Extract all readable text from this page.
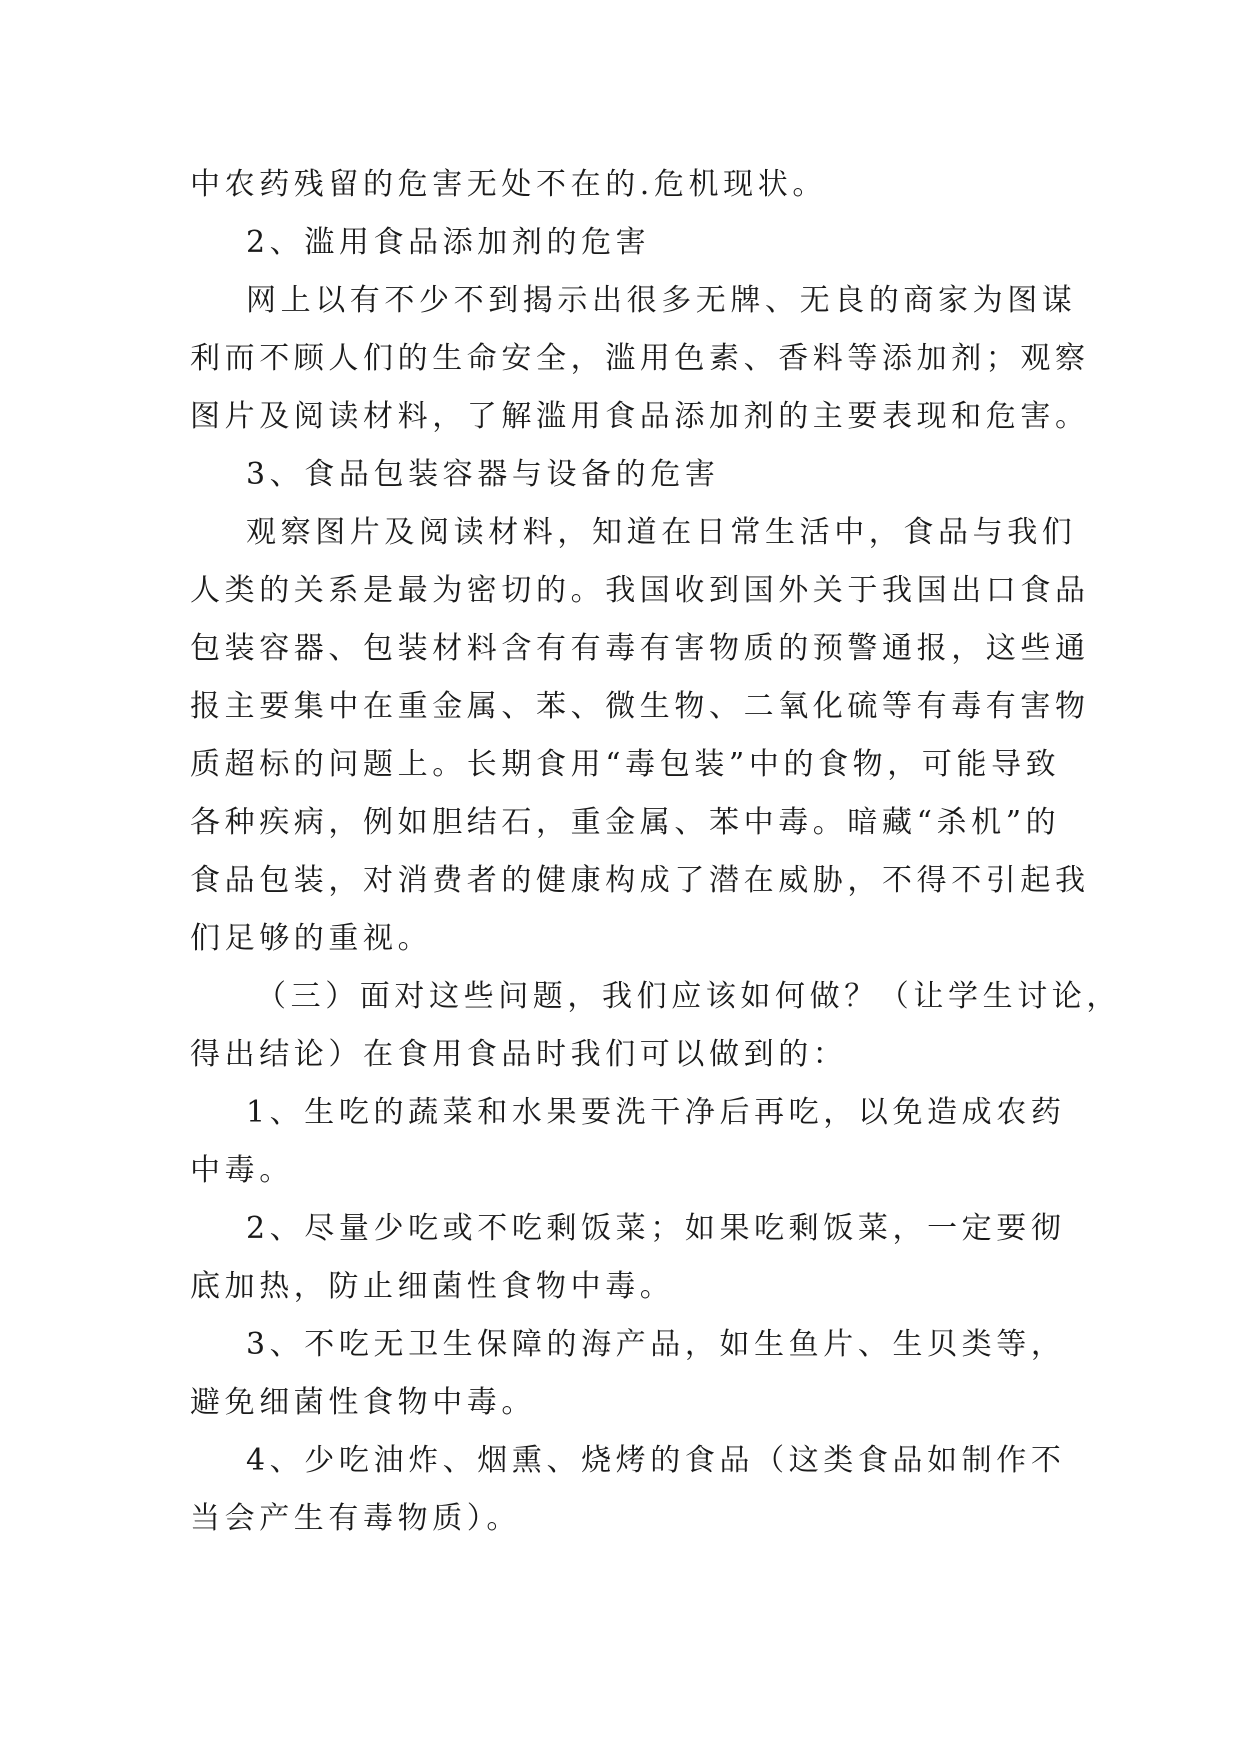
中农药残留的危害无处不在的.危机现状。
2、滥用食品添加剂的危害
网上以有不少不到揭示出很多无牌、无良的商家为图谋
利而不顾人们的生命安全，滥用色素、香料等添加剂；观察
图片及阅读材料，了解滥用食品添加剂的主要表现和危害。
3、食品包装容器与设备的危害
观察图片及阅读材料，知道在日常生活中，食品与我们
人类的关系是最为密切的。我国收到国外关于我国出口食品
包装容器、包装材料含有有毒有害物质的预警通报，这些通
报主要集中在重金属、苯、微生物、二氧化硫等有毒有害物
质超标的问题上。长期食用“毒包装”中的食物，可能导致
各种疾病，例如胆结石，重金属、苯中毒。暗藏“杀机”的
食品包装，对消费者的健康构成了潜在威胁，不得不引起我
们足够的重视。
（三）面对这些问题，我们应该如何做？（让学生讨论，
得出结论）在食用食品时我们可以做到的：
1、生吃的蔬菜和水果要洗干净后再吃，以免造成农药
中毒。
2、尽量少吃或不吃剩饭菜；如果吃剩饭菜，一定要彻
底加热，防止细菌性食物中毒。
3、不吃无卫生保障的海产品，如生鱼片、生贝类等，
避免细菌性食物中毒。
4、少吃油炸、烟熏、烧烤的食品（这类食品如制作不
当会产生有毒物质）。
